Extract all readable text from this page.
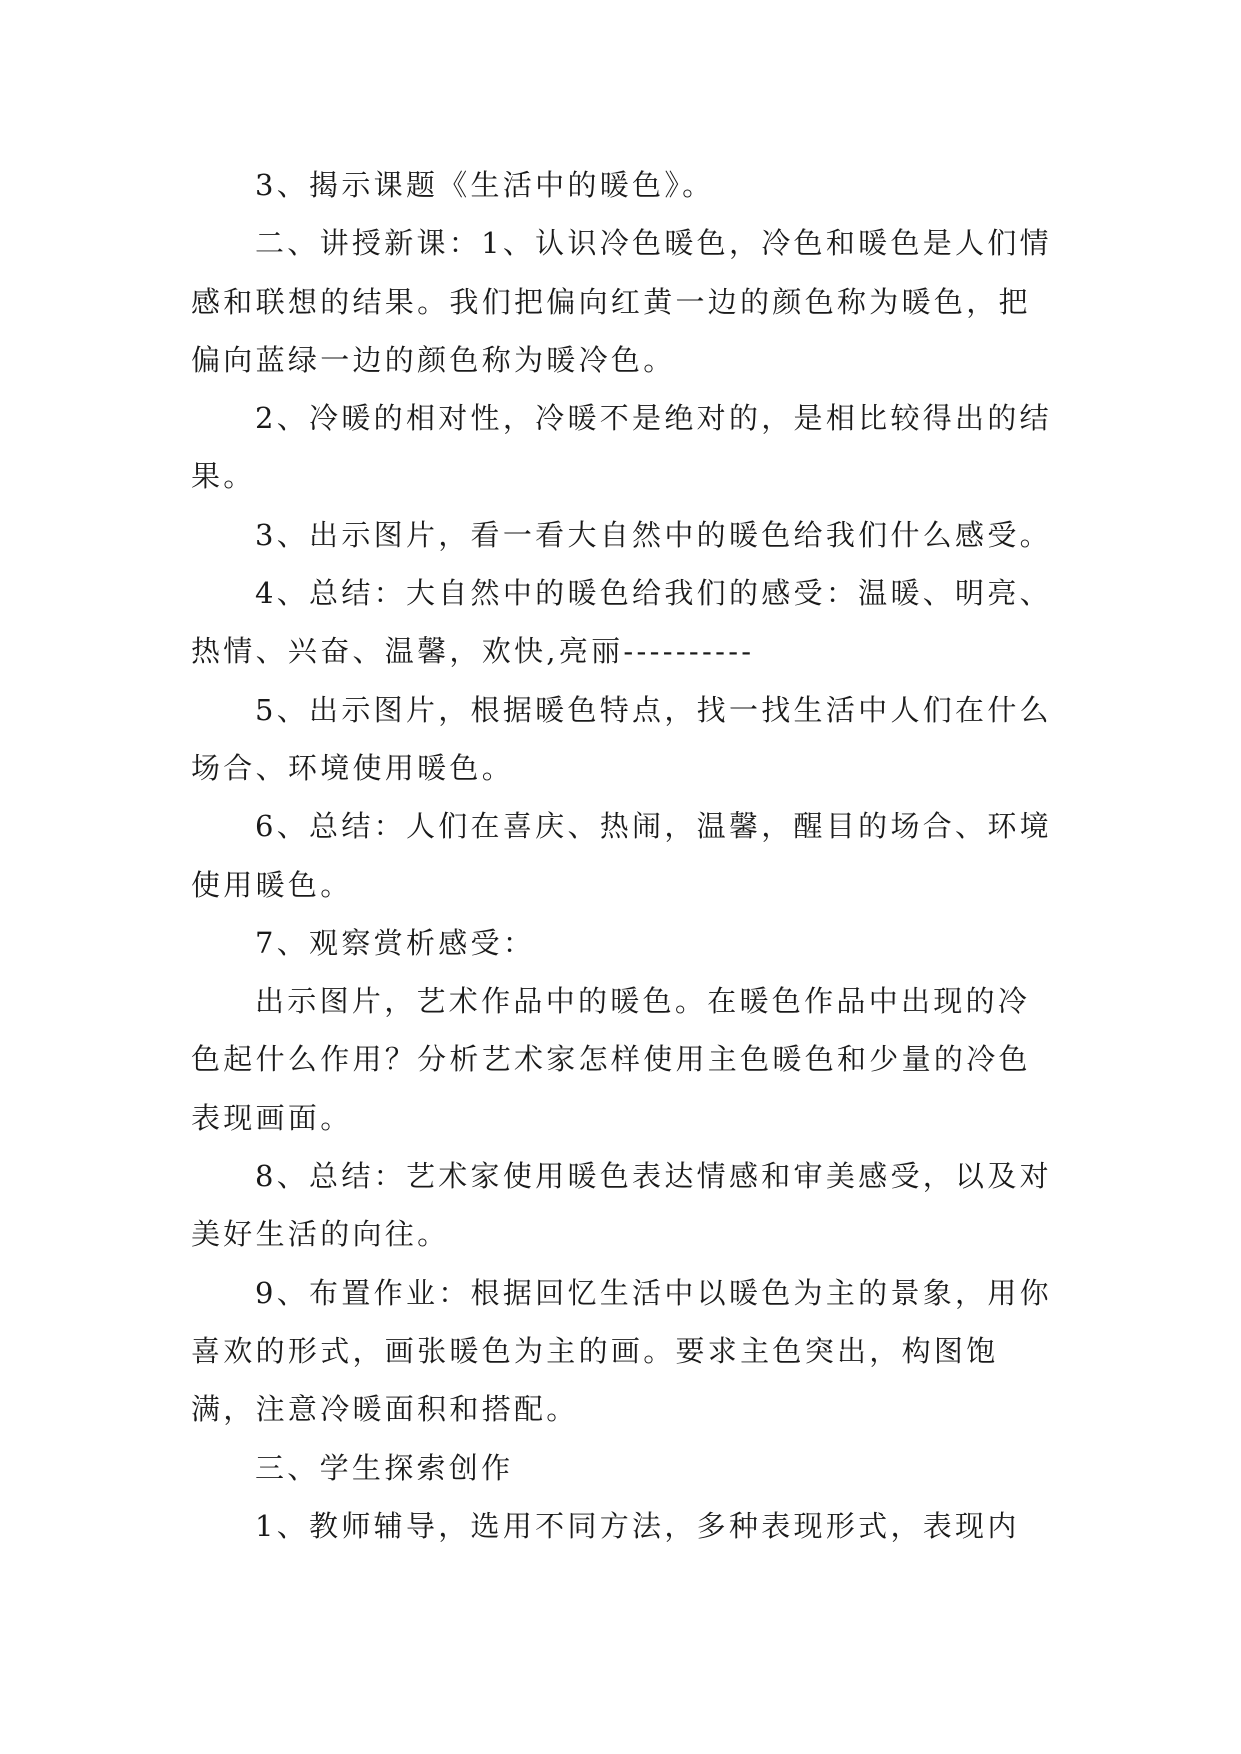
3、揭示课题《生活中的暖色》。

二、讲授新课：1、认识冷色暖色，冷色和暖色是人们情感和联想的结果。我们把偏向红黄一边的颜色称为暖色，把偏向蓝绿一边的颜色称为暖冷色。

2、冷暖的相对性，冷暖不是绝对的，是相比较得出的结果。

3、出示图片，看一看大自然中的暖色给我们什么感受。

4、总结：大自然中的暖色给我们的感受：温暖、明亮、热情、兴奋、温馨，欢快,亮丽----------

5、出示图片，根据暖色特点，找一找生活中人们在什么场合、环境使用暖色。

6、总结：人们在喜庆、热闹，温馨，醒目的场合、环境使用暖色。

7、观察赏析感受：

出示图片，艺术作品中的暖色。在暖色作品中出现的冷色起什么作用？分析艺术家怎样使用主色暖色和少量的冷色表现画面。

8、总结：艺术家使用暖色表达情感和审美感受，以及对美好生活的向往。

9、布置作业：根据回忆生活中以暖色为主的景象，用你喜欢的形式，画张暖色为主的画。要求主色突出，构图饱满，注意冷暖面积和搭配。

三、学生探索创作

1、教师辅导，选用不同方法，多种表现形式，表现内
